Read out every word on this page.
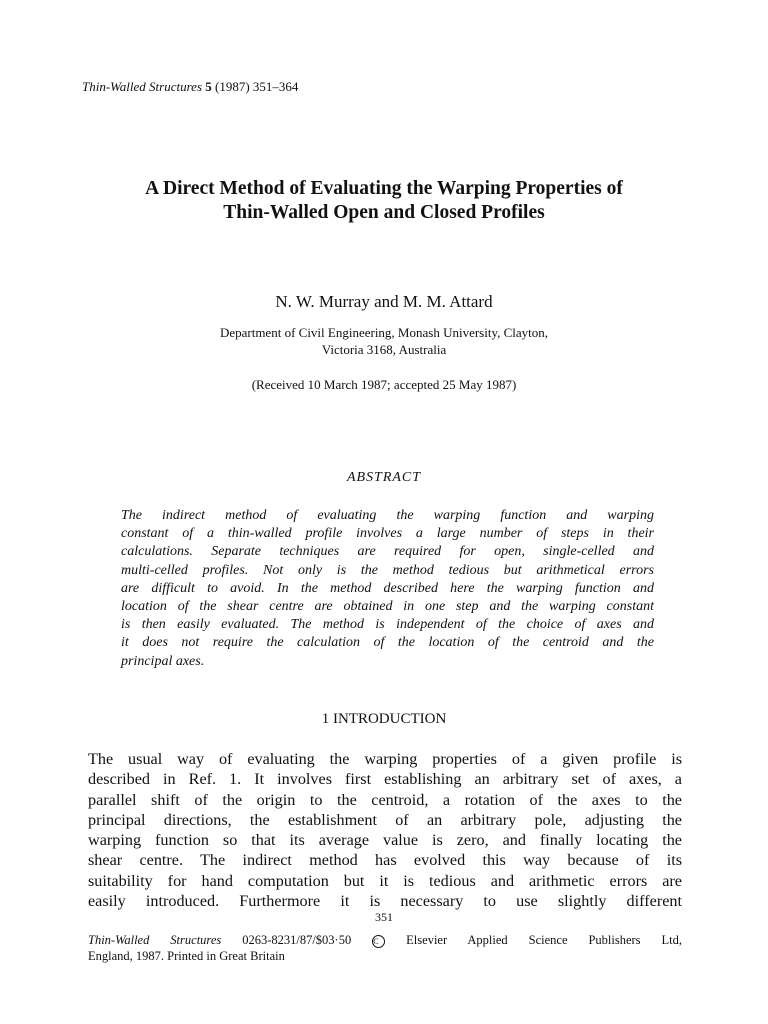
Thin-Walled Structures 5 (1987) 351–364
A Direct Method of Evaluating the Warping Properties of
Thin-Walled Open and Closed Profiles
N. W. Murray and M. M. Attard
Department of Civil Engineering, Monash University, Clayton,
Victoria 3168, Australia
(Received 10 March 1987; accepted 25 May 1987)
ABSTRACT
The indirect method of evaluating the warping function and warping
constant of a thin-walled profile involves a large number of steps in their
calculations. Separate techniques are required for open, single-celled and
multi-celled profiles. Not only is the method tedious but arithmetical errors
are difficult to avoid. In the method described here the warping function and
location of the shear centre are obtained in one step and the warping constant
is then easily evaluated. The method is independent of the choice of axes and
it does not require the calculation of the location of the centroid and the
principal axes.
1 INTRODUCTION
The usual way of evaluating the warping properties of a given profile is
described in Ref. 1. It involves first establishing an arbitrary set of axes, a
parallel shift of the origin to the centroid, a rotation of the axes to the
principal directions, the establishment of an arbitrary pole, adjusting the
warping function so that its average value is zero, and finally locating the
shear centre. The indirect method has evolved this way because of its
suitability for hand computation but it is tedious and arithmetic errors are
easily introduced. Furthermore it is necessary to use slightly different
351
Thin-Walled Structures 0263-8231/87/$03·50	C Elsevier Applied Science Publishers Ltd,
England, 1987. Printed in Great Britain
